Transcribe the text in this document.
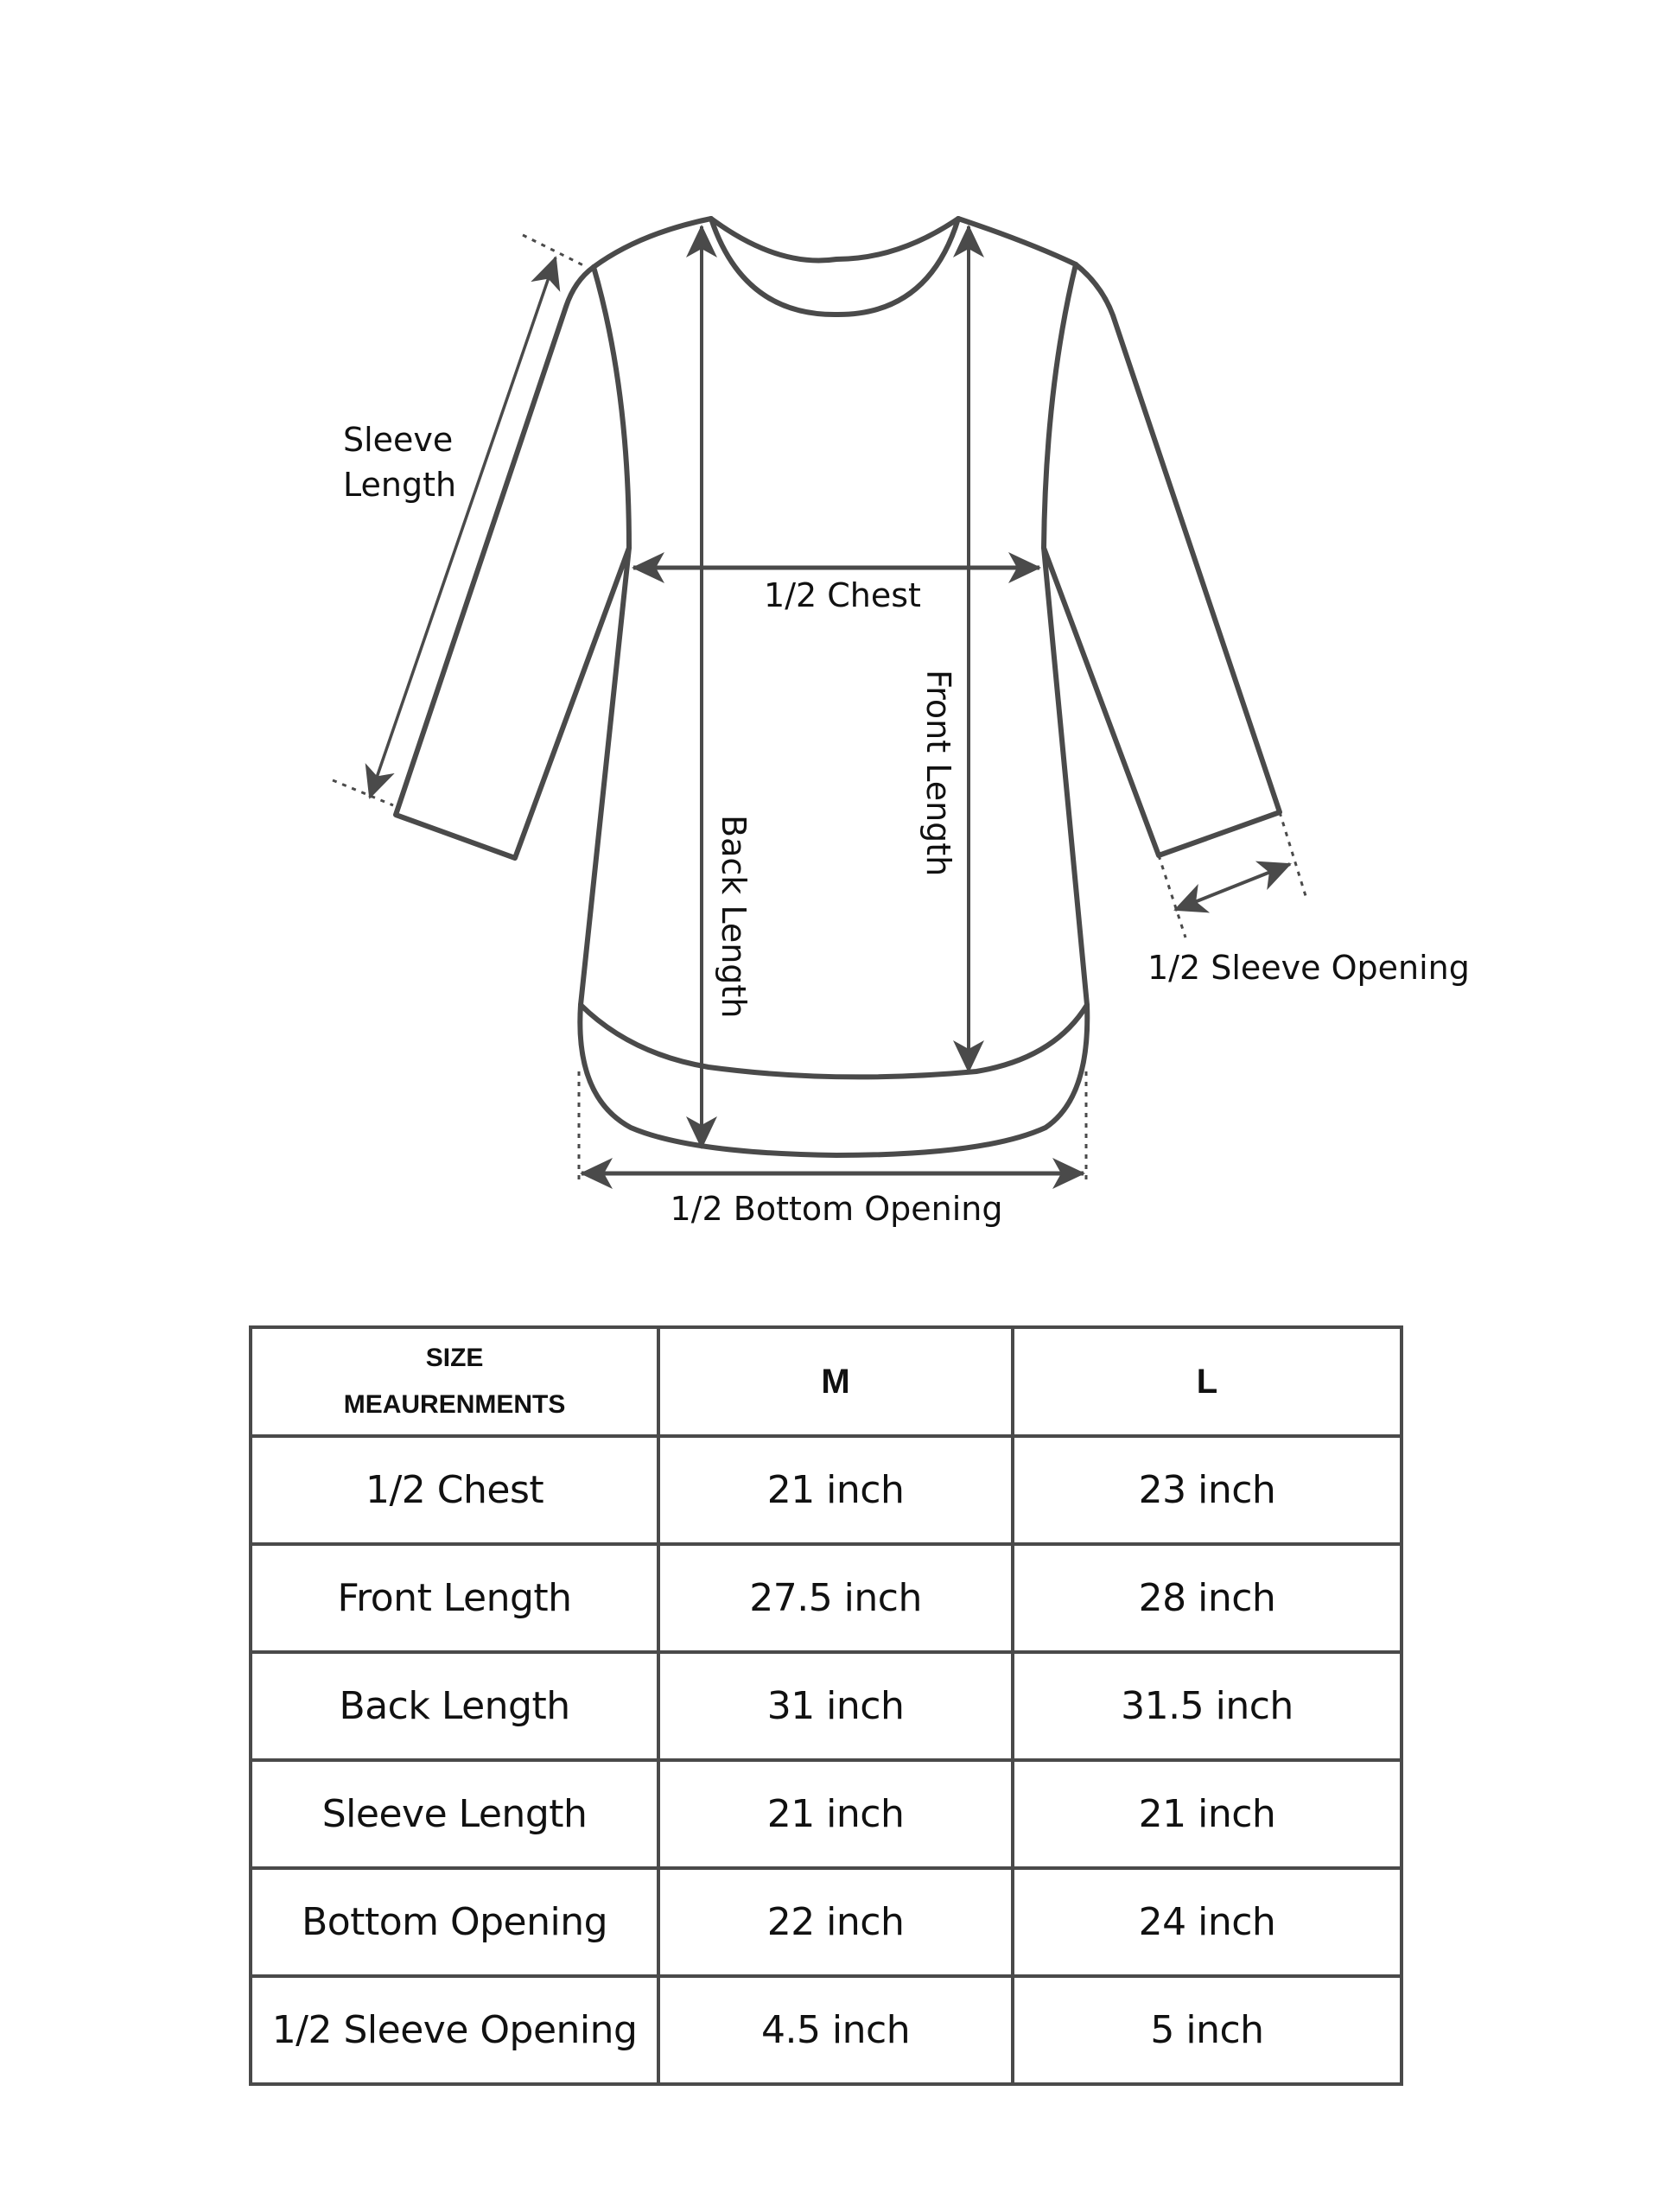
Sleeve
Length
1/2 Chest
Front Length
Back Length	1/2 Sleeve Opening
1/2 Bottom Opening
SIZE
MEAURENMENTS	M	L
1/2 Chest	21 inch	23 inch
Front Length	27.5 inch	28 inch
Back Length	31 inch	31.5 inch
Sleeve Length	21 inch	21 inch
Bottom Opening	22 inch	24 inch
1/2 Sleeve Opening	4.5 inch	5 inch
